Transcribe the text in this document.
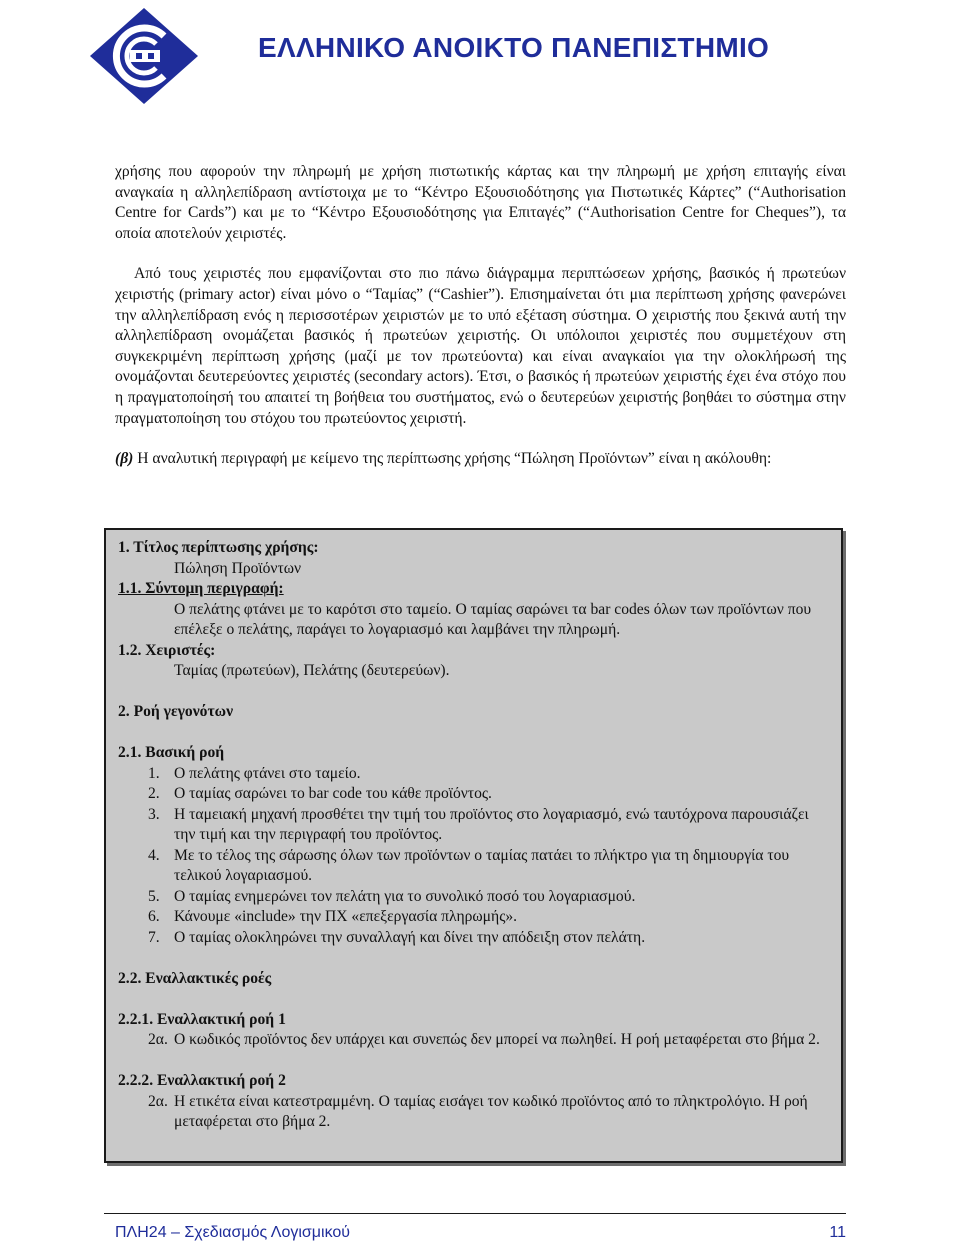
ΕΛΛΗΝΙΚΟ ΑΝΟΙΚΤΟ ΠΑΝΕΠΙΣΤΗΜΙΟ

χρήσης που αφορούν την πληρωμή με χρήση πιστωτικής κάρτας και την πληρωμή με χρήση επιταγής είναι αναγκαία η αλληλεπίδραση αντίστοιχα με το “Κέντρο Εξουσιοδότησης για Πιστωτικές Κάρτες” (“Authorisation Centre for Cards”) και με το “Κέντρο Εξουσιοδότησης για Επιταγές” (“Authorisation Centre for Cheques”), τα οποία αποτελούν χειριστές.

Από τους χειριστές που εμφανίζονται στο πιο πάνω διάγραμμα περιπτώσεων χρήσης, βασικός ή πρωτεύων χειριστής (primary actor) είναι μόνο ο “Ταμίας” (“Cashier”). Επισημαίνεται ότι μια περίπτωση χρήσης φανερώνει την αλληλεπίδραση ενός η περισσοτέρων χειριστών με το υπό εξέταση σύστημα. Ο χειριστής που ξεκινά αυτή την αλληλεπίδραση ονομάζεται βασικός ή πρωτεύων χειριστής. Οι υπόλοιποι χειριστές που συμμετέχουν στη συγκεκριμένη περίπτωση χρήσης (μαζί με τον πρωτεύοντα) και είναι αναγκαίοι για την ολοκλήρωσή της ονομάζονται δευτερεύοντες χειριστές (secondary actors). Έτσι, ο βασικός ή πρωτεύων χειριστής έχει ένα στόχο που η πραγματοποίησή του απαιτεί τη βοήθεια του συστήματος, ενώ ο δευτερεύων χειριστής βοηθάει το σύστημα στην πραγματοποίηση του στόχου του πρωτεύοντος χειριστή.

(β) Η αναλυτική περιγραφή με κείμενο της περίπτωσης χρήσης “Πώληση Προϊόντων” είναι η ακόλουθη:

1. Τίτλος περίπτωσης χρήσης:
Πώληση Προϊόντων
1.1. Σύντομη περιγραφή:
Ο πελάτης φτάνει με το καρότσι στο ταμείο. Ο ταμίας σαρώνει τα bar codes όλων των προϊόντων που επέλεξε ο πελάτης, παράγει το λογαριασμό και λαμβάνει την πληρωμή.
1.2. Χειριστές:
Ταμίας (πρωτεύων), Πελάτης (δευτερεύων).
2. Ροή γεγονότων
2.1. Βασική ροή
1. Ο πελάτης φτάνει στο ταμείο.
2. Ο ταμίας σαρώνει το bar code του κάθε προϊόντος.
3. Η ταμειακή μηχανή προσθέτει την τιμή του προϊόντος στο λογαριασμό, ενώ ταυτόχρονα παρουσιάζει την τιμή και την περιγραφή του προϊόντος.
4. Με το τέλος της σάρωσης όλων των προϊόντων ο ταμίας πατάει το πλήκτρο για τη δημιουργία του τελικού λογαριασμού.
5. Ο ταμίας ενημερώνει τον πελάτη για το συνολικό ποσό του λογαριασμού.
6. Κάνουμε «include» την ΠΧ «επεξεργασία πληρωμής».
7. Ο ταμίας ολοκληρώνει την συναλλαγή και δίνει την απόδειξη στον πελάτη.
2.2. Εναλλακτικές ροές
2.2.1. Εναλλακτική ροή 1
2α. Ο κωδικός προϊόντος δεν υπάρχει και συνεπώς δεν μπορεί να πωληθεί. Η ροή μεταφέρεται στο βήμα 2.
2.2.2. Εναλλακτική ροή 2
2α. Η ετικέτα είναι κατεστραμμένη. Ο ταμίας εισάγει τον κωδικό προϊόντος από το πληκτρολόγιο. Η ροή μεταφέρεται στο βήμα 2.
ΠΛΗ24 – Σχεδιασμός Λογισμικού	11
